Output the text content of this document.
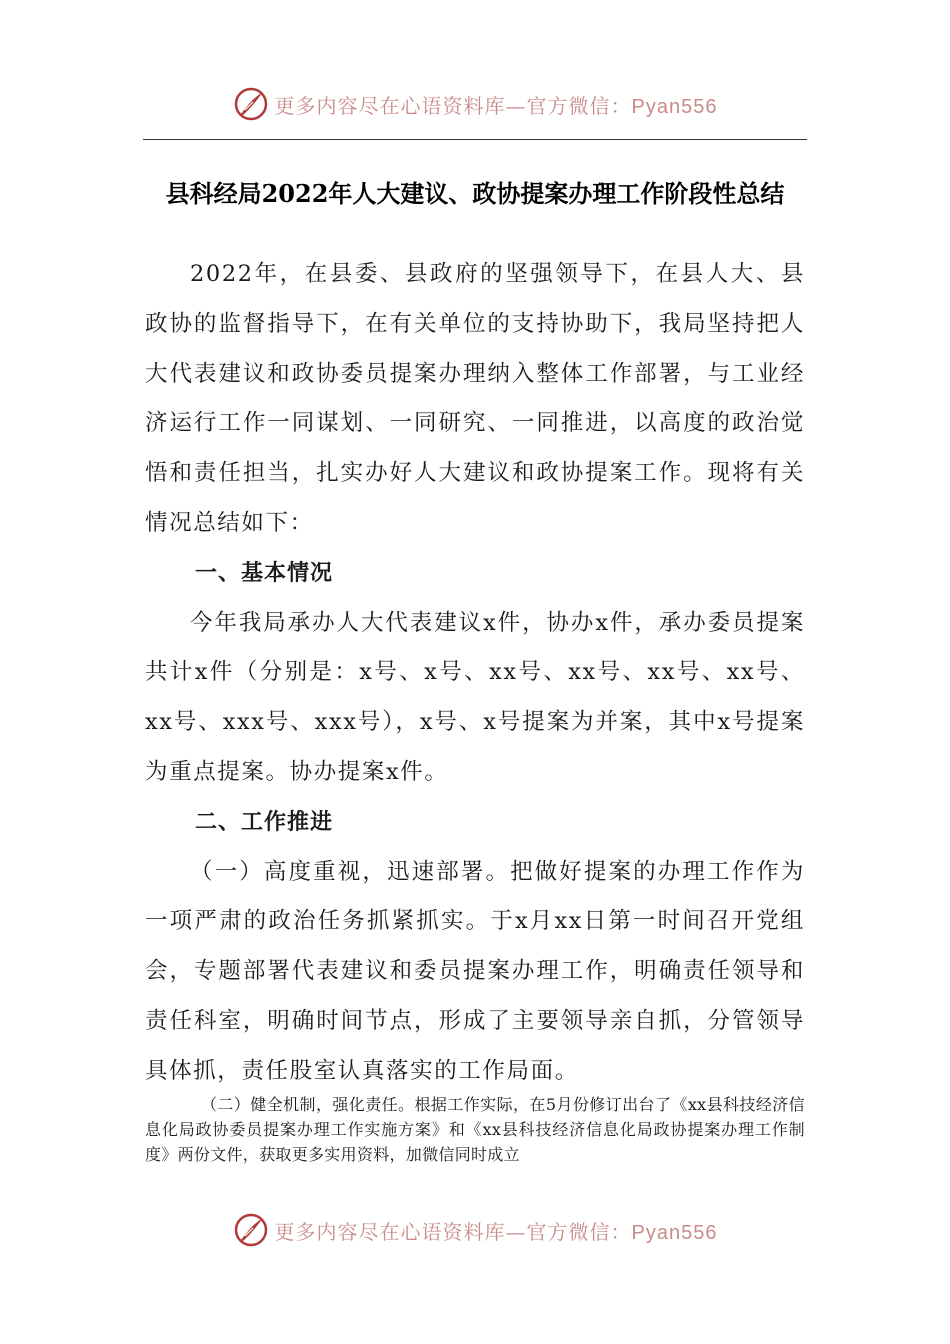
更多内容尽在心语资料库—官方微信：Pyan556
县科经局2022年人大建议、政协提案办理工作阶段性总结

2022年，在县委、县政府的坚强领导下，在县人大、县政协的监督指导下，在有关单位的支持协助下，我局坚持把人大代表建议和政协委员提案办理纳入整体工作部署，与工业经济运行工作一同谋划、一同研究、一同推进，以高度的政治觉悟和责任担当，扎实办好人大建议和政协提案工作。现将有关情况总结如下：

一、基本情况

今年我局承办人大代表建议x件，协办x件，承办委员提案共计x件（分别是：x号、x号、xx号、xx号、xx号、xx号、xx号、xxx号、xxx号），x号、x号提案为并案，其中x号提案为重点提案。协办提案x件。

二、工作推进

（一）高度重视，迅速部署。把做好提案的办理工作作为一项严肃的政治任务抓紧抓实。于x月xx日第一时间召开党组会，专题部署代表建议和委员提案办理工作，明确责任领导和责任科室，明确时间节点，形成了主要领导亲自抓，分管领导具体抓，责任股室认真落实的工作局面。

（二）健全机制，强化责任。根据工作实际，在5月份修订出台了《xx县科技经济信息化局政协委员提案办理工作实施方案》和《xx县科技经济信息化局政协提案办理工作制度》两份文件，获取更多实用资料，加微信同时成立

更多内容尽在心语资料库—官方微信：Pyan556
